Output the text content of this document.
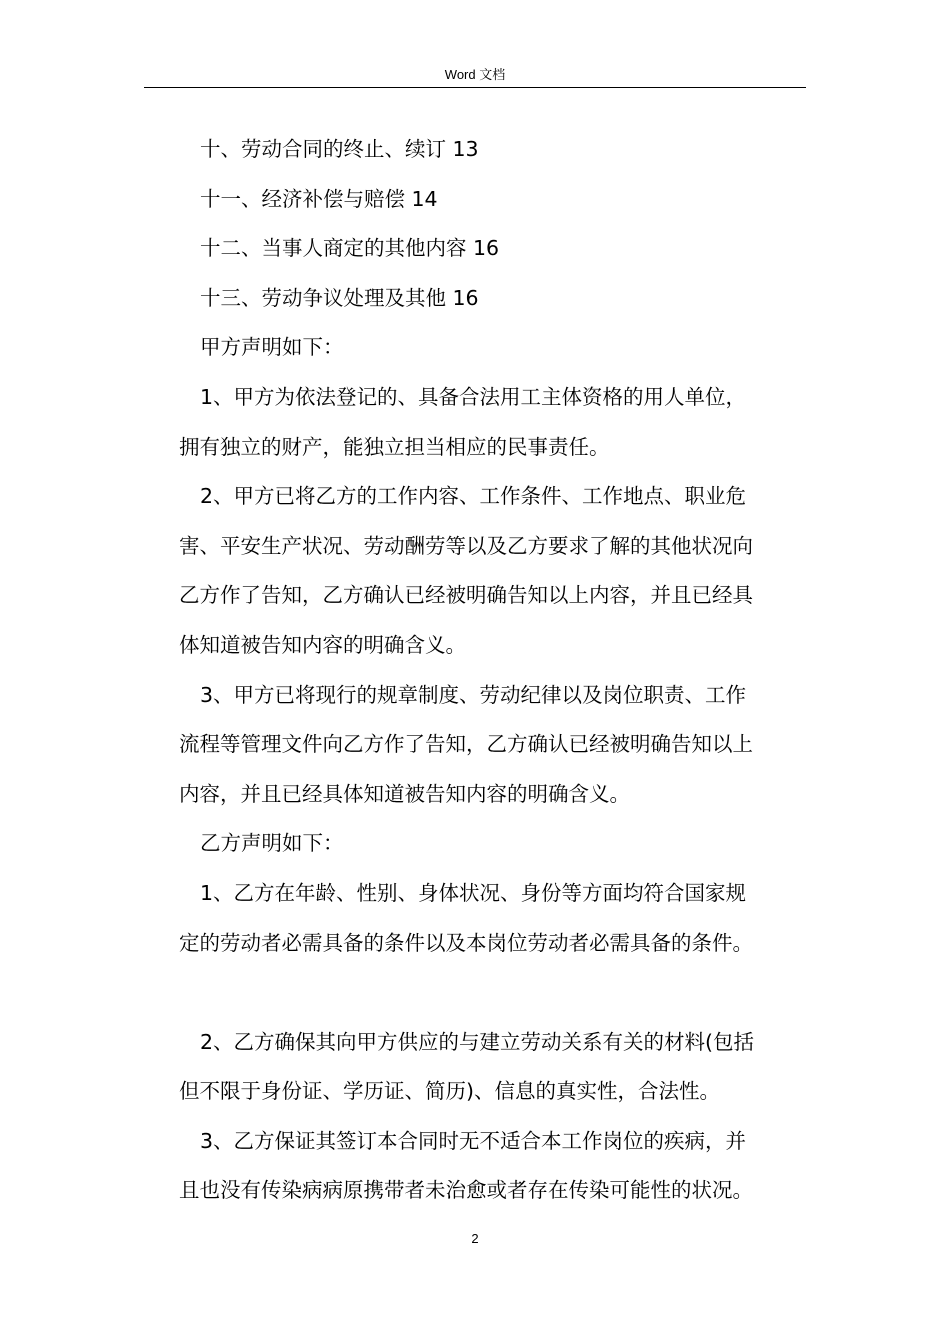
Word 文档
十、劳动合同的终止、续订 13
十一、经济补偿与赔偿 14
十二、当事人商定的其他内容 16
十三、劳动争议处理及其他 16
甲方声明如下：
1、甲方为依法登记的、具备合法用工主体资格的用人单位，
拥有独立的财产，能独立担当相应的民事责任。
2、甲方已将乙方的工作内容、工作条件、工作地点、职业危
害、平安生产状况、劳动酬劳等以及乙方要求了解的其他状况向
乙方作了告知，乙方确认已经被明确告知以上内容，并且已经具
体知道被告知内容的明确含义。
3、甲方已将现行的规章制度、劳动纪律以及岗位职责、工作
流程等管理文件向乙方作了告知，乙方确认已经被明确告知以上
内容，并且已经具体知道被告知内容的明确含义。
乙方声明如下：
1、乙方在年龄、性别、身体状况、身份等方面均符合国家规
定的劳动者必需具备的条件以及本岗位劳动者必需具备的条件。
2、乙方确保其向甲方供应的与建立劳动关系有关的材料(包括
但不限于身份证、学历证、简历)、信息的真实性，合法性。
3、乙方保证其签订本合同时无不适合本工作岗位的疾病，并
且也没有传染病病原携带者未治愈或者存在传染可能性的状况。
2
